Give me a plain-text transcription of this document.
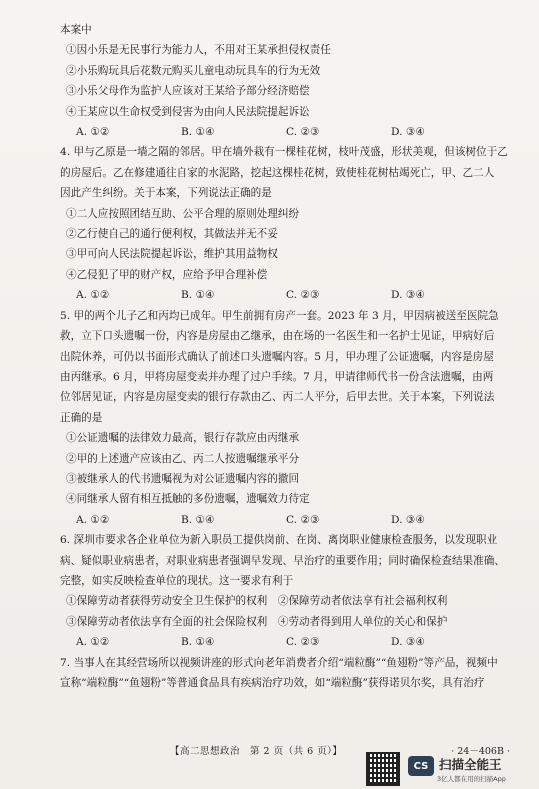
本案中
①因小乐是无民事行为能力人，不用对王某承担侵权责任
②小乐购玩具后花数元购买儿童电动玩具车的行为无效
③小乐父母作为监护人应该对王某给予部分经济赔偿
④王某应以生命权受到侵害为由向人民法院提起诉讼
A. ①②	B. ①④	C. ②③	D. ③④
4. 甲与乙原是一墙之隔的邻居。甲在墙外栽有一棵桂花树，枝叶茂盛，形状美观，但该树位于乙
的房屋后。乙在修建通往自家的水泥路，挖起这棵桂花树，致使桂花树枯竭死亡，甲、乙二人
因此产生纠纷。关于本案，下列说法正确的是
①二人应按照团结互助、公平合理的原则处理纠纷
②乙行使自己的通行便利权，其做法并无不妥
③甲可向人民法院提起诉讼，维护其用益物权
④乙侵犯了甲的财产权，应给予甲合理补偿
A. ①②	B. ①④	C. ②③	D. ③④
5. 甲的两个儿子乙和丙均已成年。甲生前拥有房产一套。2023 年 3 月，甲因病被送至医院急
救，立下口头遗嘱一份，内容是房屋由乙继承，由在场的一名医生和一名护士见证，甲病好后
出院休养，可仍以书面形式确认了前述口头遗嘱内容。5 月，甲办理了公证遗嘱，内容是房屋
由丙继承。6 月，甲将房屋变卖并办理了过户手续。7 月，甲请律师代书一份含法遗嘱，由两
位邻居见证，内容是房屋变卖的银行存款由乙、丙二人平分，后甲去世。关于本案，下列说法
正确的是
①公证遗嘱的法律效力最高，银行存款应由丙继承
②甲的上述遗产应该由乙、丙二人按遗嘱继承平分
③被继承人的代书遗嘱视为对公证遗嘱内容的撤回
④同继承人留有相互抵触的多份遗嘱，遗嘱效力待定
A. ①②	B. ①④	C. ②③	D. ③④
6. 深圳市要求各企业单位为新入职员工提供岗前、在岗、离岗职业健康检查服务，以发现职业
病、疑似职业病患者，对职业病患者强调早发现、早治疗的重要作用；同时确保检查结果准确、
完整，如实反映检查单位的现状。这一要求有利于
①保障劳动者获得劳动安全卫生保护的权利　②保障劳动者依法享有社会福利权利
③保障劳动者依法享有全面的社会保险权利　④劳动者得到用人单位的关心和保护
A. ①②	B. ①④	C. ②③	D. ③④
7. 当事人在其经营场所以视频讲座的形式向老年消费者介绍“端粒酶”“鱼翅粉”等产品，视频中
宣称“端粒酶”“鱼翅粉”等普通食品具有疾病治疗功效，如“端粒酶”获得诺贝尔奖，具有治疗
【高二思想政治　第 2 页（共 6 页）】	· 24－406B ·
CS 扫描全能王
3亿人都在用的扫描App
